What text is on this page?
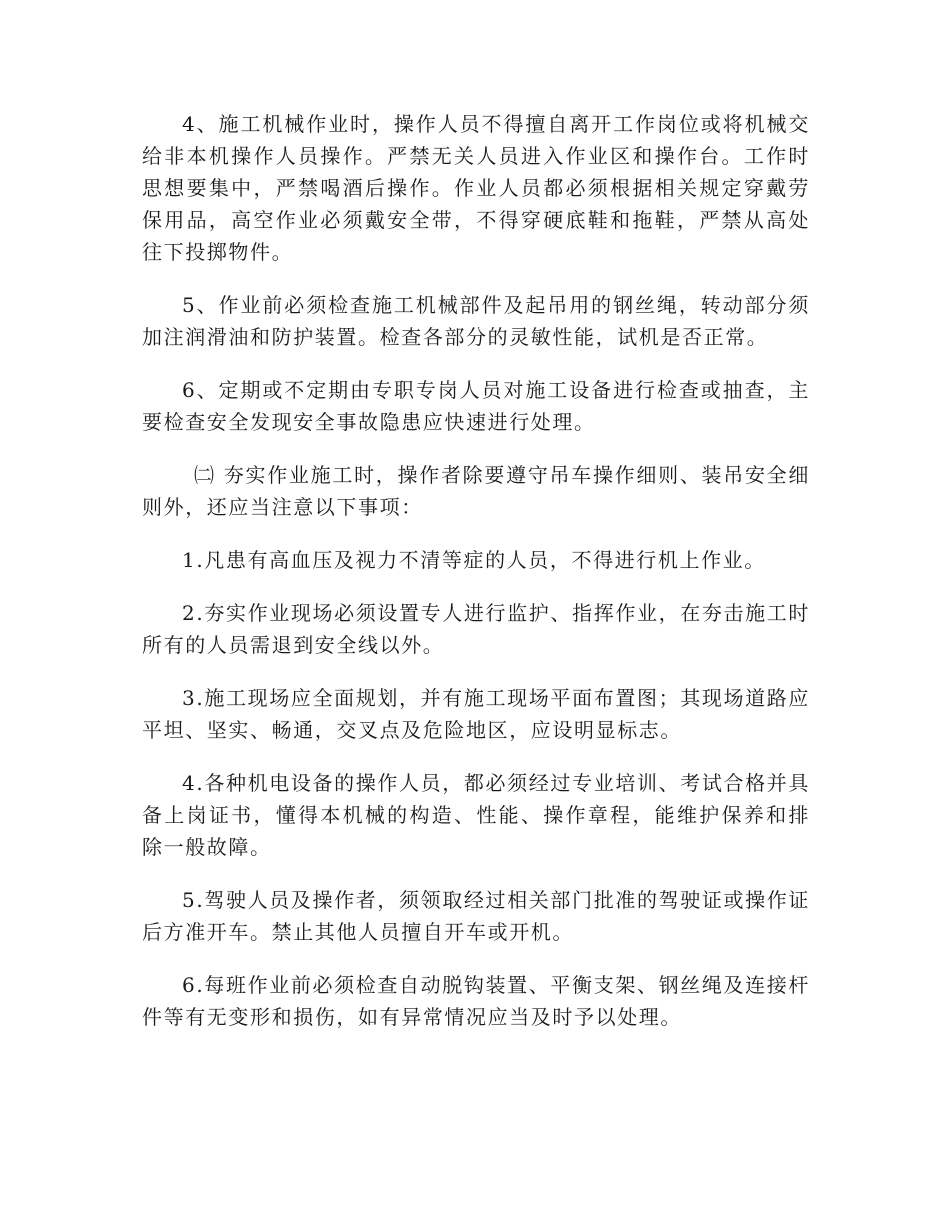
4、施工机械作业时，操作人员不得擅自离开工作岗位或将机械交给非本机操作人员操作。严禁无关人员进入作业区和操作台。工作时思想要集中，严禁喝酒后操作。作业人员都必须根据相关规定穿戴劳保用品，高空作业必须戴安全带，不得穿硬底鞋和拖鞋，严禁从高处往下投掷物件。

5、作业前必须检查施工机械部件及起吊用的钢丝绳，转动部分须加注润滑油和防护装置。检查各部分的灵敏性能，试机是否正常。

6、定期或不定期由专职专岗人员对施工设备进行检查或抽查，主要检查安全发现安全事故隐患应快速进行处理。

㈡ 夯实作业施工时，操作者除要遵守吊车操作细则、装吊安全细则外，还应当注意以下事项：

1.凡患有高血压及视力不清等症的人员，不得进行机上作业。

2.夯实作业现场必须设置专人进行监护、指挥作业，在夯击施工时所有的人员需退到安全线以外。

3.施工现场应全面规划，并有施工现场平面布置图；其现场道路应平坦、坚实、畅通，交叉点及危险地区，应设明显标志。

4.各种机电设备的操作人员，都必须经过专业培训、考试合格并具备上岗证书，懂得本机械的构造、性能、操作章程，能维护保养和排除一般故障。

5.驾驶人员及操作者，须领取经过相关部门批准的驾驶证或操作证后方准开车。禁止其他人员擅自开车或开机。

6.每班作业前必须检查自动脱钩装置、平衡支架、钢丝绳及连接杆件等有无变形和损伤，如有异常情况应当及时予以处理。
